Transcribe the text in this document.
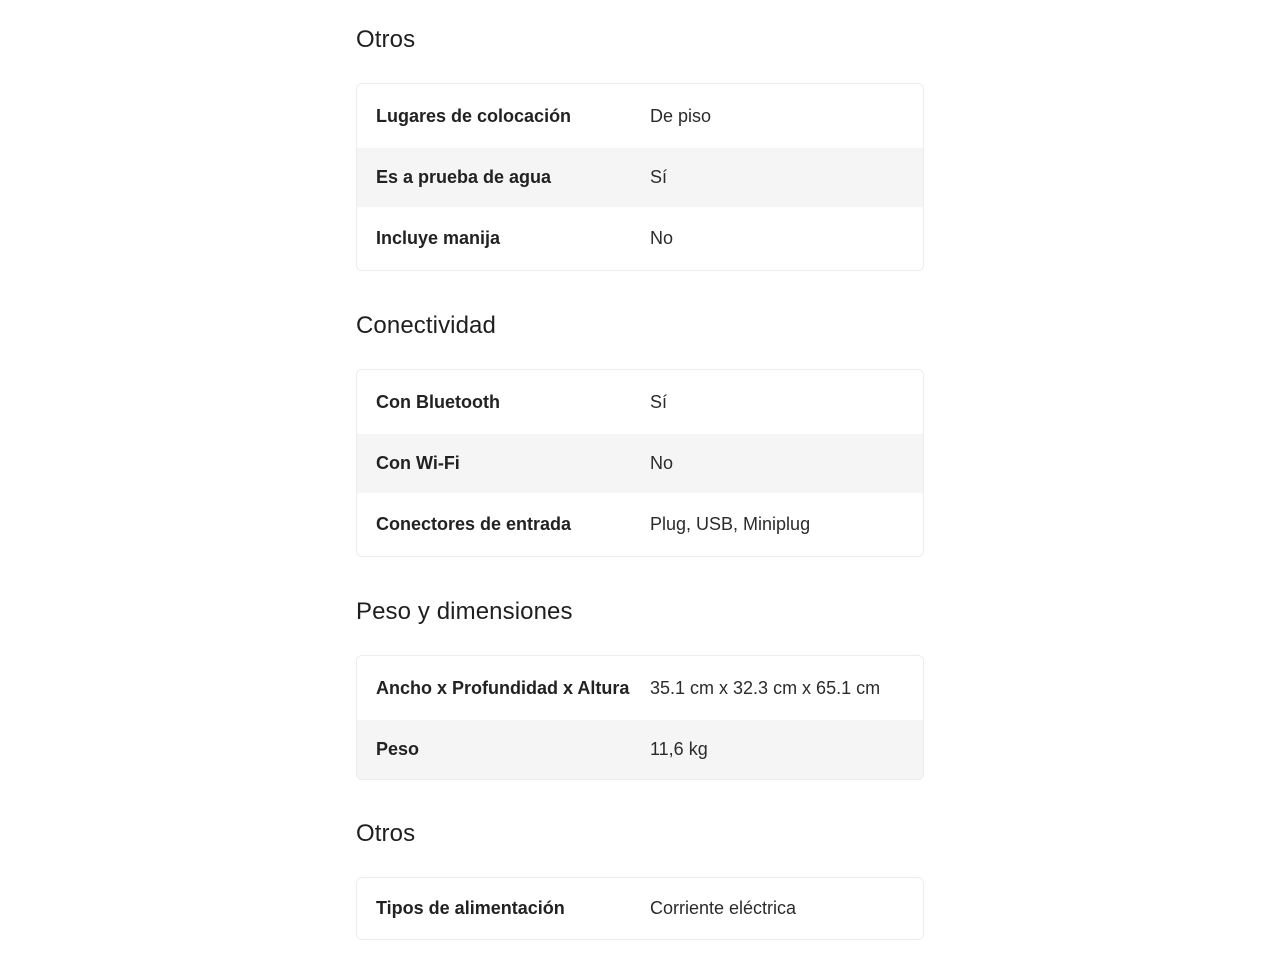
Otros
Lugares de colocación	De piso
Es a prueba de agua	Sí
Incluye manija	No
Conectividad
Con Bluetooth	Sí
Con Wi-Fi	No
Conectores de entrada	Plug, USB, Miniplug
Peso y dimensiones
Ancho x Profundidad x Altura	35.1 cm x 32.3 cm x 65.1 cm
Peso	11,6 kg
Otros
Tipos de alimentación	Corriente eléctrica
